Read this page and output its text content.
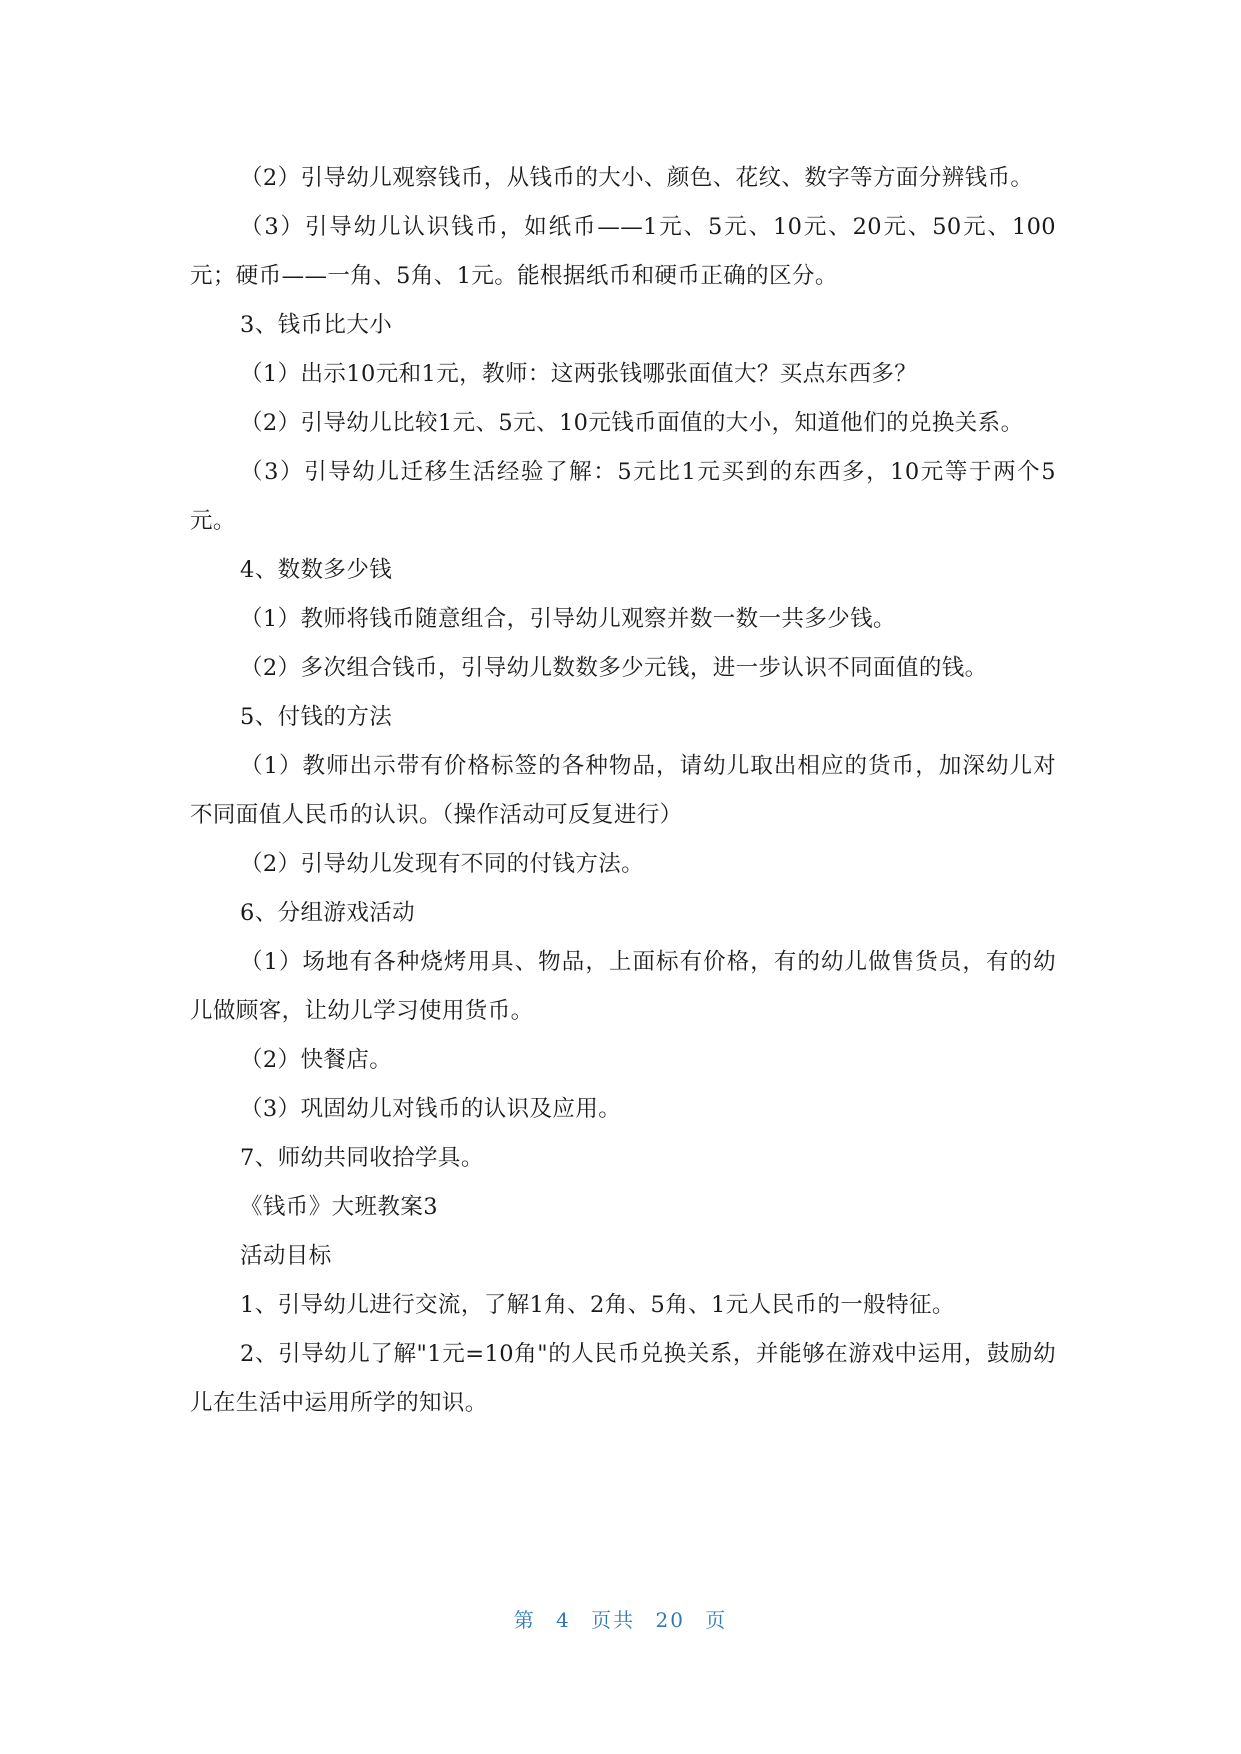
（2）引导幼儿观察钱币，从钱币的大小、颜色、花纹、数字等方面分辨钱币。

（3）引导幼儿认识钱币，如纸币——1元、5元、10元、20元、50元、100元；硬币——一角、5角、1元。能根据纸币和硬币正确的区分。

3、钱币比大小

（1）出示10元和1元，教师：这两张钱哪张面值大？买点东西多？

（2）引导幼儿比较1元、5元、10元钱币面值的大小，知道他们的兑换关系。

（3）引导幼儿迁移生活经验了解：5元比1元买到的东西多，10元等于两个5元。

4、数数多少钱

（1）教师将钱币随意组合，引导幼儿观察并数一数一共多少钱。

（2）多次组合钱币，引导幼儿数数多少元钱，进一步认识不同面值的钱。

5、付钱的方法

（1）教师出示带有价格标签的各种物品，请幼儿取出相应的货币，加深幼儿对不同面值人民币的认识。（操作活动可反复进行）

（2）引导幼儿发现有不同的付钱方法。

6、分组游戏活动

（1）场地有各种烧烤用具、物品，上面标有价格，有的幼儿做售货员，有的幼儿做顾客，让幼儿学习使用货币。

（2）快餐店。

（3）巩固幼儿对钱币的认识及应用。

7、师幼共同收拾学具。

《钱币》大班教案3

活动目标

1、引导幼儿进行交流，了解1角、2角、5角、1元人民币的一般特征。

2、引导幼儿了解"1元=10角"的人民币兑换关系，并能够在游戏中运用，鼓励幼儿在生活中运用所学的知识。

第 4 页共 20 页
